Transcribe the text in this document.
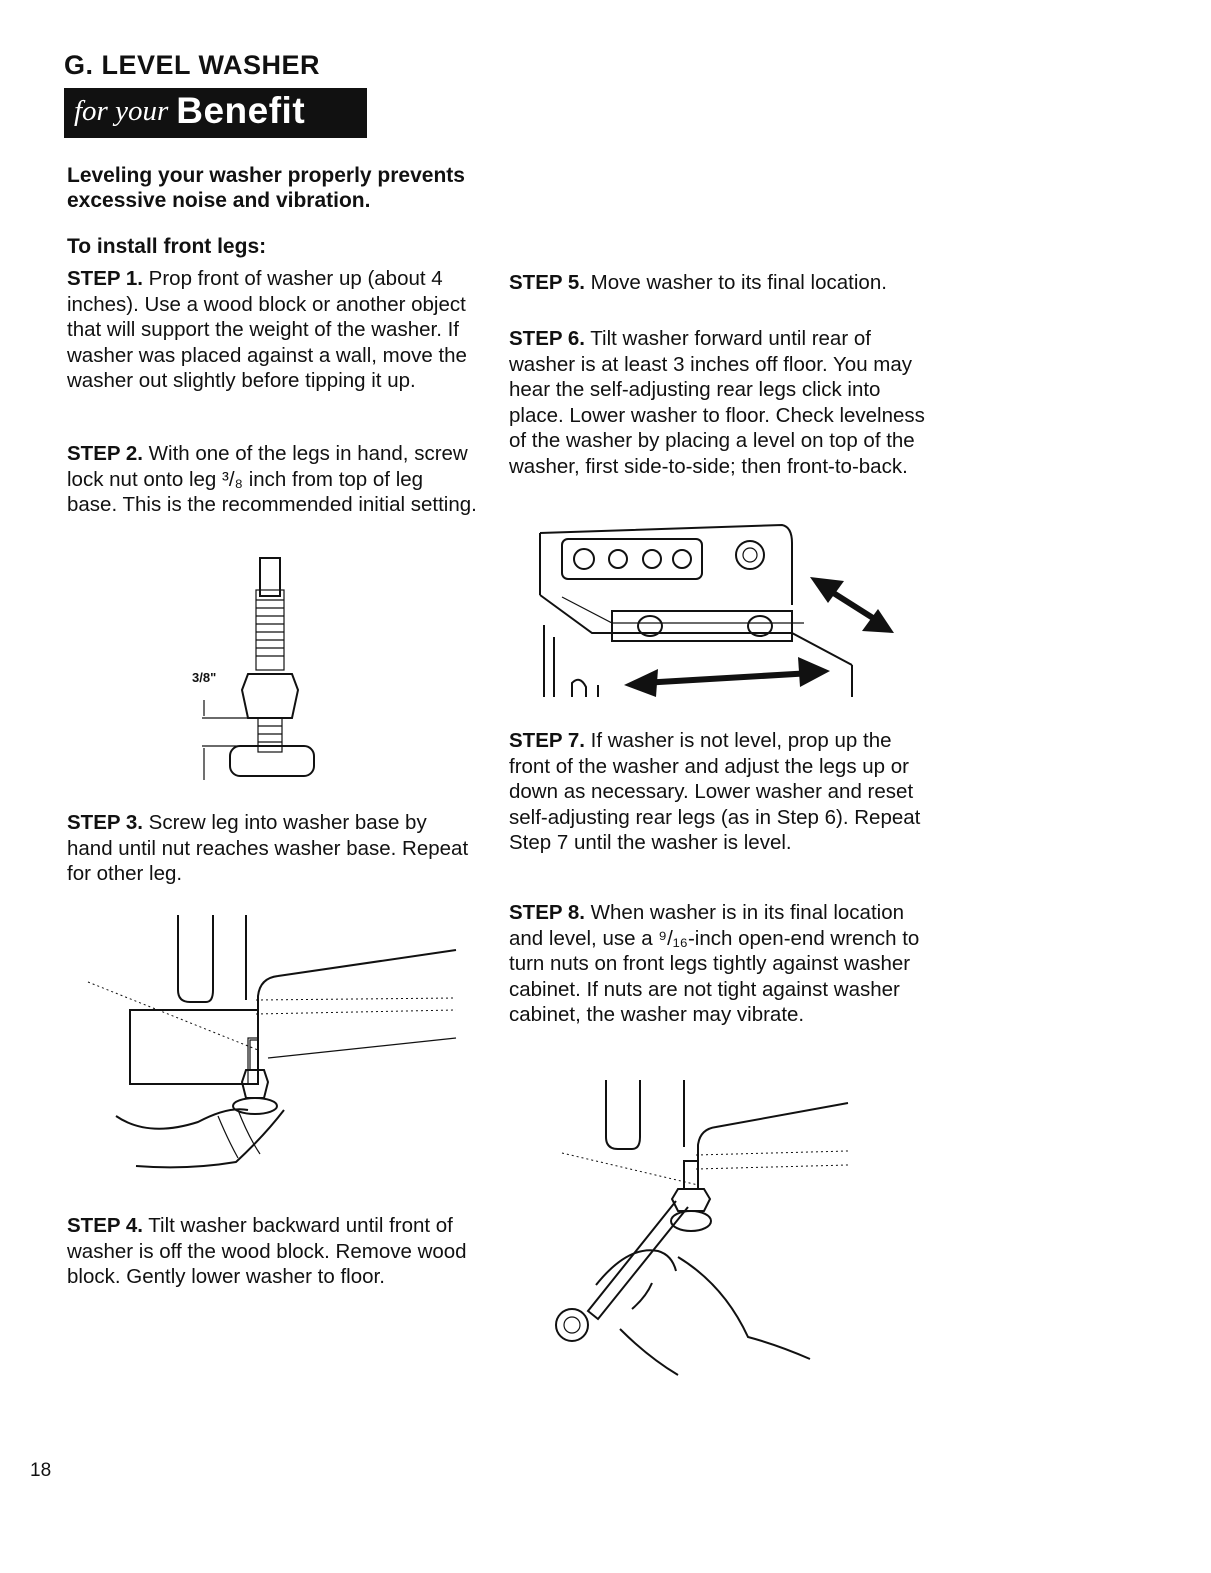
G. LEVEL WASHER
for your Benefit
Leveling your washer properly prevents excessive noise and vibration.
To install front legs:
STEP 1. Prop front of washer up (about 4 inches). Use a wood block or another object that will support the weight of the washer. If washer was placed against a wall, move the washer out slightly before tipping it up.
STEP 2. With one of the legs in hand, screw lock nut onto leg ³/₈ inch from top of leg base. This is the recommended initial setting.
STEP 3. Screw leg into washer base by hand until nut reaches washer base. Repeat for other leg.
STEP 4. Tilt washer backward until front of washer is off the wood block. Remove wood block. Gently lower washer to floor.
STEP 5. Move washer to its final location.
STEP 6. Tilt washer forward until rear of washer is at least 3 inches off floor. You may hear the self-adjusting rear legs click into place. Lower washer to floor. Check levelness of the washer by placing a level on top of the washer, first side-to-side; then front-to-back.
STEP 7. If washer is not level, prop up the front of the washer and adjust the legs up or down as necessary. Lower washer and reset self-adjusting rear legs (as in Step 6). Repeat Step 7 until the washer is level.
STEP 8. When washer is in its final location and level, use a ⁹/₁₆-inch open-end wrench to turn nuts on front legs tightly against washer cabinet. If nuts are not tight against washer cabinet, the washer may vibrate.
3/8"
18
